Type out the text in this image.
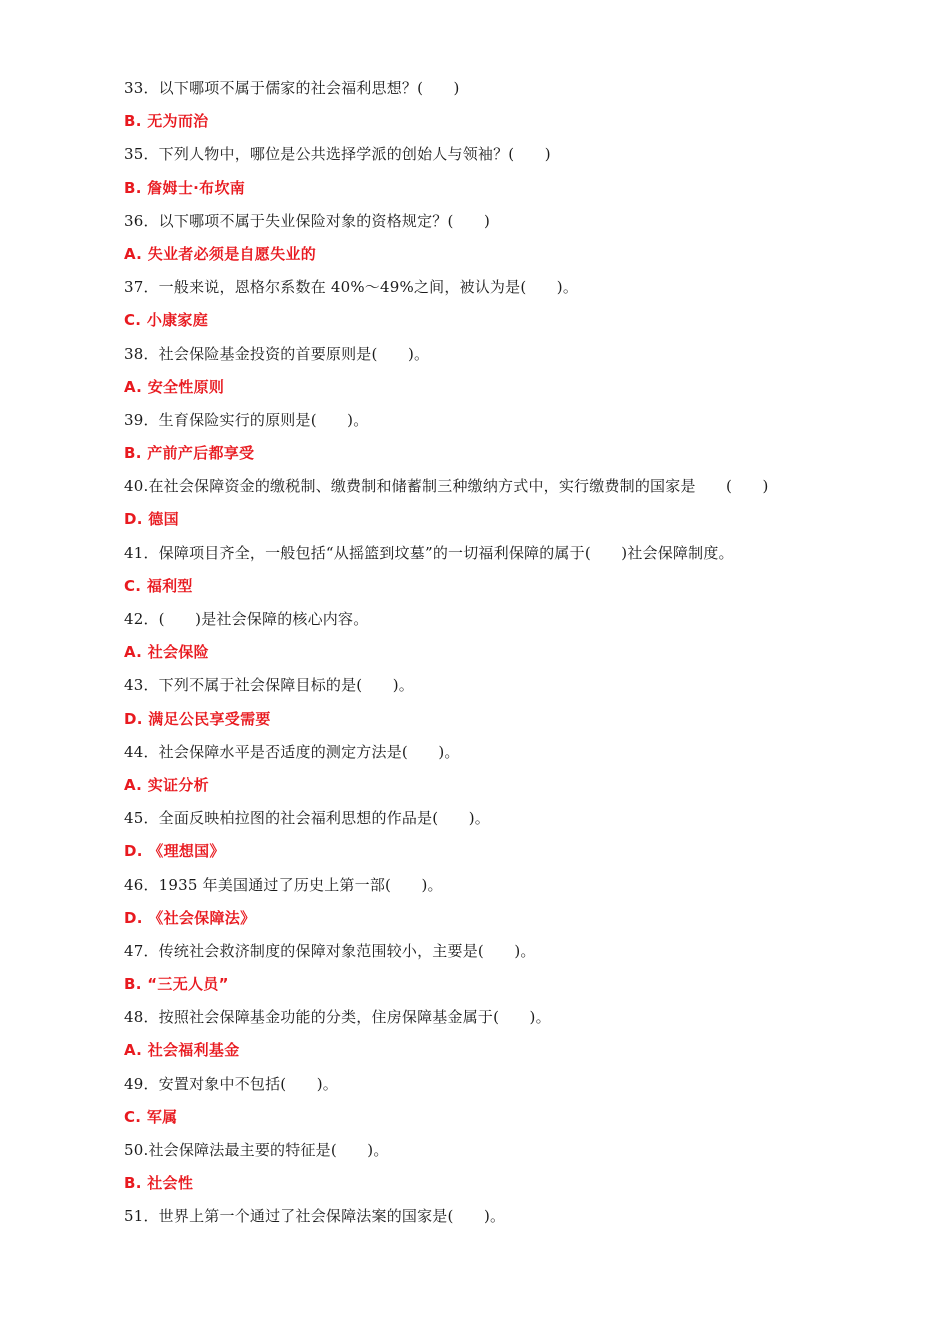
33．以下哪项不属于儒家的社会福利思想？(　　)
B. 无为而治
35．下列人物中，哪位是公共选择学派的创始人与领袖？(　　)
B. 詹姆士·布坎南
36．以下哪项不属于失业保险对象的资格规定？(　　)
A. 失业者必须是自愿失业的
37．一般来说，恩格尔系数在 40%～49%之间，被认为是(　　)。
C. 小康家庭
38．社会保险基金投资的首要原则是(　　)。
A. 安全性原则
39．生育保险实行的原则是(　　)。
B. 产前产后都享受
40.在社会保障资金的缴税制、缴费制和储蓄制三种缴纳方式中，实行缴费制的国家是　　(　　)
D. 德国
41．保障项目齐全，一般包括“从摇篮到坟墓”的一切福利保障的属于(　　)社会保障制度。
C. 福利型
42．(　　)是社会保障的核心内容。
A. 社会保险
43．下列不属于社会保障目标的是(　　)。
D. 满足公民享受需要
44．社会保障水平是否适度的测定方法是(　　)。
A. 实证分析
45．全面反映柏拉图的社会福利思想的作品是(　　)。
D. 《理想国》
46．1935 年美国通过了历史上第一部(　　)。
D. 《社会保障法》
47．传统社会救济制度的保障对象范围较小，主要是(　　)。
B. “三无人员”
48．按照社会保障基金功能的分类，住房保障基金属于(　　)。
A. 社会福利基金
49．安置对象中不包括(　　)。
C. 军属
50.社会保障法最主要的特征是(　　)。
B. 社会性
51．世界上第一个通过了社会保障法案的国家是(　　)。
